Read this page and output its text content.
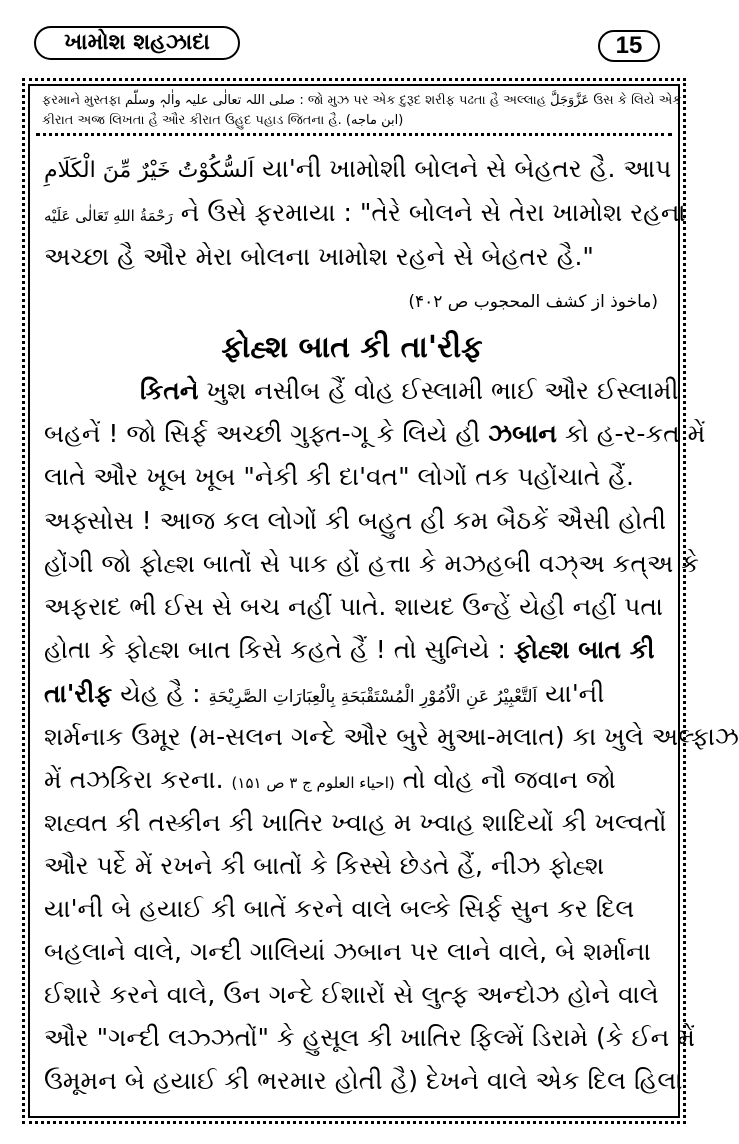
ખામોશ શહઝાદા	15
ફરમાને મુસ્તફા صلی اللہ تعالٰی علیہ واٰلہٖ وسلّم : જો મુઝ પર એક દુરૂદ શરીફ પઢતા હૈ અલ્લાહ عَزَّوَجَلَّ ઉસ કે લિયે એક
કીરાત અજ્ર લિખતા હૈ ઔર કીરાત ઉહુદ પહાડ જિતના હૈ. (ابن ماجه)
اَلسُّكُوْتُ خَيْرٌ مِّنَ الْكَلَامِ યા'ની ખામોશી બોલને સે બેહતર હૈ. આપ
رَحْمَةُ اللهِ تَعَالٰى عَلَيْه ને ઉસે ફરમાયા : "તેરે બોલને સે તેરા ખામોશ રહના
અચ્છા હૈ ઔર મેરા બોલના ખામોશ રહને સે બેહતર હૈ."
(ماخوذ از کشف المحجوب ص ۴۰۲)
ફોહ્શ બાત કી તા'રીફ
કિતને ખુશ નસીબ હૈં વોહ ઈસ્લામી ભાઈ ઔર ઈસ્લામી
બહનેં ! જો સિર્ફ અચ્છી ગુફ્ત-ગૂ કે લિયે હી ઝબાન કો હ-ર-કત મેં
લાતે ઔર ખૂબ ખૂબ "નેકી કી દા'વત" લોગોં તક પહોંચાતે હૈં.
અફ્સોસ ! આજ કલ લોગોં કી બહુત હી કમ બૈઠકેં ઐસી હોતી
હોંગી જો ફોહ્શ બાતોં સે પાક હોં હત્તા કે મઝહબી વઝ્અ કત્અ કે
અફરાદ ભી ઈસ સે બચ નહીં પાતે. શાયદ ઉન્હેં યેહી નહીં પતા
હોતા કે ફોહ્શ બાત કિસે કહતે હૈં ! તો સુનિયે : ફોહ્શ બાત કી
તા'રીફ યેહ હૈ : اَلتَّعْبِيْرُ عَنِ الْاُمُوْرِ الْمُسْتَقْبَحَةِ بِالْعِبَارَاتِ الصَّرِيْحَةِ યા'ની
શર્મનાક ઉમૂર (મ-સલન ગન્દે ઔર બુરે મુઆ-મલાત) કા ખુલે અલ્ફાઝ
મેં તઝકિરા કરના. (احیاء العلوم ج ۳ ص ۱۵۱) તો વોહ નૌ જવાન જો
શહ્વત કી તસ્કીન કી ખાતિર ખ્વાહ મ ખ્વાહ શાદિયોં કી ખલ્વતોં
ઔર પર્દે મેં રખને કી બાતોં કે કિસ્સે છેડતે હૈં, નીઝ ફોહ્શ
યા'ની બે હયાઈ કી બાતેં કરને વાલે બલ્કે સિર્ફ સુન કર દિલ
બહલાને વાલે, ગન્દી ગાલિયાં ઝબાન પર લાને વાલે, બે શર્માના
ઈશારે કરને વાલે, ઉન ગન્દે ઈશારોં સે લુત્ફ અન્દોઝ હોને વાલે
ઔર "ગન્દી લઝ્ઝતોં" કે હુસૂલ કી ખાતિર ફિલ્મેં ડિરામે (કે ઈન મેં
ઉમૂમન બે હયાઈ કી ભરમાર હોતી હૈ) દેખને વાલે એક દિલ હિલા
